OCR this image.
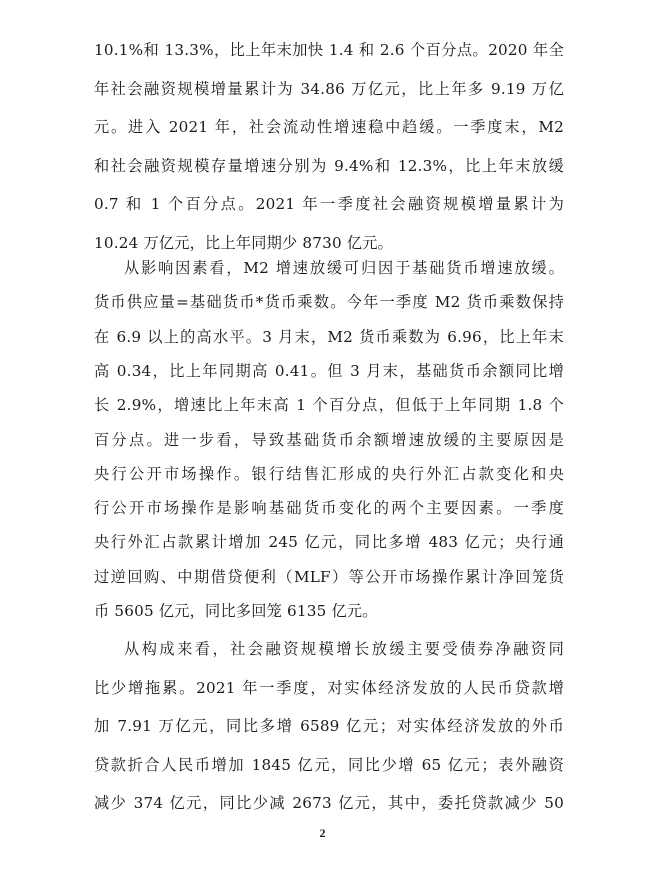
10.1%和 13.3%，比上年末加快 1.4 和 2.6 个百分点。2020 年全
年社会融资规模增量累计为 34.86 万亿元，比上年多 9.19 万亿
元。进入 2021 年，社会流动性增速稳中趋缓。一季度末，M2
和社会融资规模存量增速分别为 9.4%和 12.3%，比上年末放缓
0.7 和 1 个百分点。2021 年一季度社会融资规模增量累计为
10.24 万亿元，比上年同期少 8730 亿元。
从影响因素看，M2 增速放缓可归因于基础货币增速放缓。
货币供应量=基础货币*货币乘数。今年一季度 M2 货币乘数保持
在 6.9 以上的高水平。3 月末，M2 货币乘数为 6.96，比上年末
高 0.34，比上年同期高 0.41。但 3 月末，基础货币余额同比增
长 2.9%，增速比上年末高 1 个百分点，但低于上年同期 1.8 个
百分点。进一步看，导致基础货币余额增速放缓的主要原因是
央行公开市场操作。银行结售汇形成的央行外汇占款变化和央
行公开市场操作是影响基础货币变化的两个主要因素。一季度
央行外汇占款累计增加 245 亿元，同比多增 483 亿元；央行通
过逆回购、中期借贷便利（MLF）等公开市场操作累计净回笼货
币 5605 亿元，同比多回笼 6135 亿元。
从构成来看，社会融资规模增长放缓主要受债券净融资同
比少增拖累。2021 年一季度，对实体经济发放的人民币贷款增
加 7.91 万亿元，同比多增 6589 亿元；对实体经济发放的外币
贷款折合人民币增加 1845 亿元，同比少增 65 亿元；表外融资
减少 374 亿元，同比少减 2673 亿元，其中，委托贷款减少 50
2
